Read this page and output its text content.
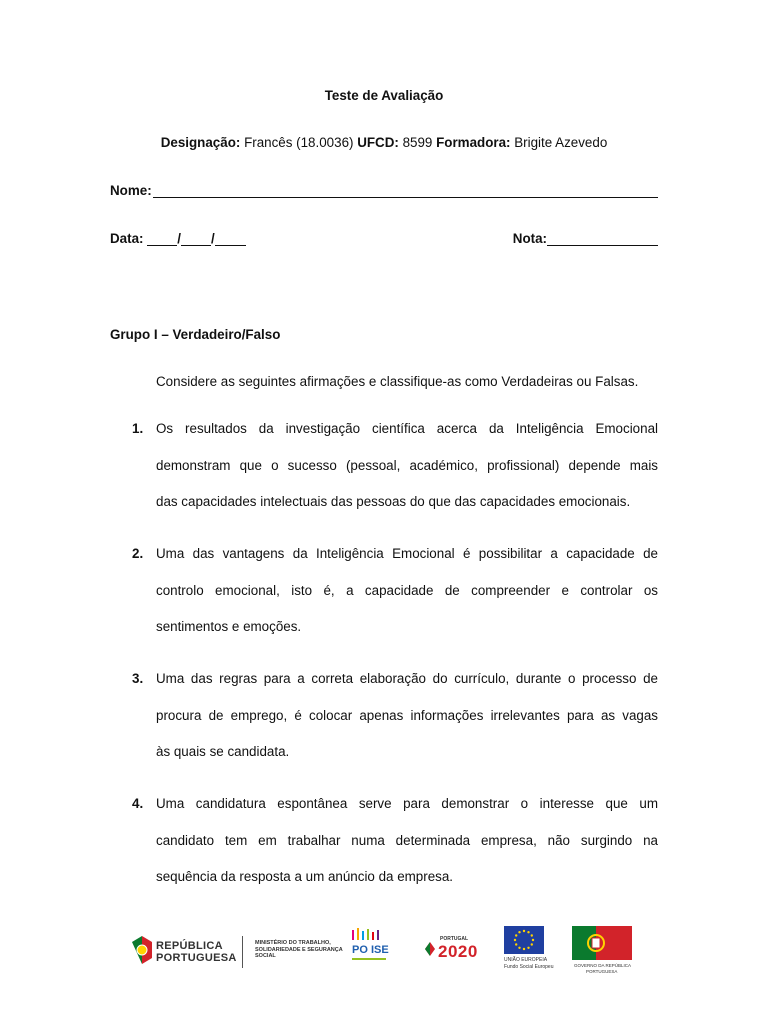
Teste de Avaliação
Designação: Francês (18.0036) UFCD: 8599 Formadora: Brigite Azevedo
Nome:
Data: / /	Nota:
Grupo I – Verdadeiro/Falso
Considere as seguintes afirmações e classifique-as como Verdadeiras ou Falsas.
1. Os resultados da investigação científica acerca da Inteligência Emocional
demonstram que o sucesso (pessoal, académico, profissional) depende mais
das capacidades intelectuais das pessoas do que das capacidades emocionais.
2. Uma das vantagens da Inteligência Emocional é possibilitar a capacidade de
controlo emocional, isto é, a capacidade de compreender e controlar os
sentimentos e emoções.
3. Uma das regras para a correta elaboração do currículo, durante o processo de
procura de emprego, é colocar apenas informações irrelevantes para as vagas
às quais se candidata.
4. Uma candidatura espontânea serve para demonstrar o interesse que um
candidato tem em trabalhar numa determinada empresa, não surgindo na
sequência da resposta a um anúncio da empresa.
REPÚBLICA
PORTUGUESA
MINISTÉRIO DO TRABALHO,
SOLIDARIEDADE E SEGURANÇA
SOCIAL	PO ISE
PORTUGAL
2020	UNIÃO EUROPEIA
Fundo Social Europeu	GOVERNO DA REPÚBLICA
PORTUGUESA
